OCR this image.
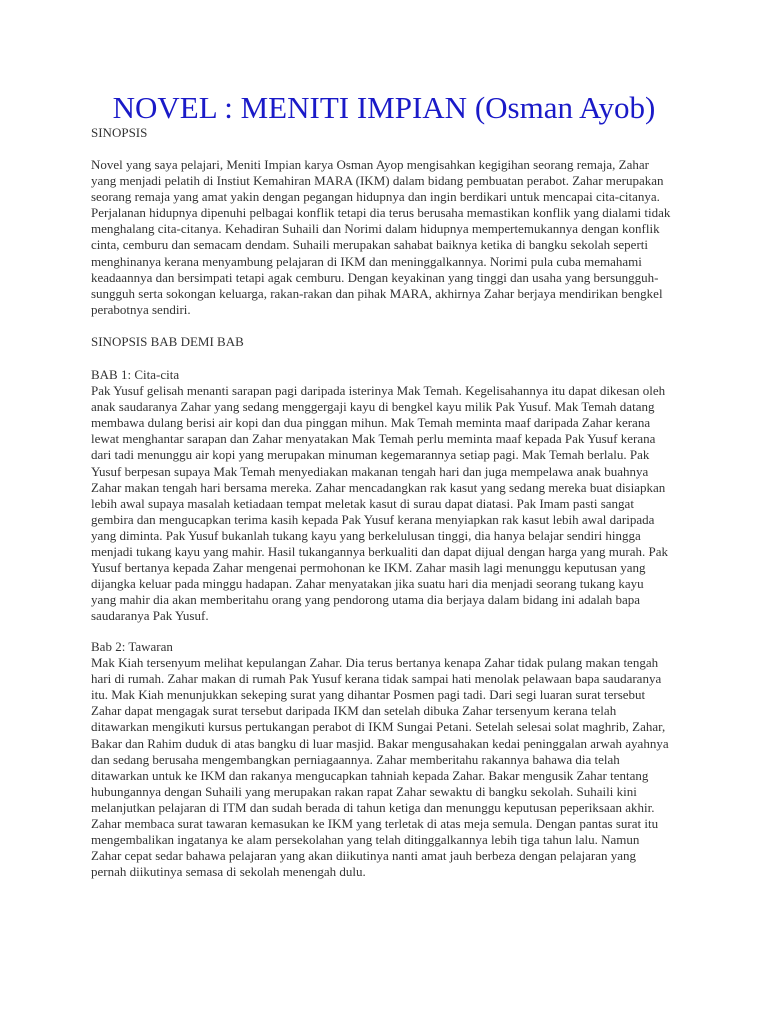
NOVEL : MENITI IMPIAN (Osman Ayob)
SINOPSIS
Novel yang saya pelajari, Meniti Impian karya Osman Ayop mengisahkan kegigihan seorang remaja, Zahar
yang menjadi pelatih di Instiut Kemahiran MARA (IKM) dalam bidang pembuatan perabot. Zahar merupakan
seorang remaja yang amat yakin dengan pegangan hidupnya dan ingin berdikari untuk mencapai cita-citanya.
Perjalanan hidupnya dipenuhi pelbagai konflik tetapi dia terus berusaha memastikan konflik yang dialami tidak
menghalang cita-citanya. Kehadiran Suhaili dan Norimi dalam hidupnya mempertemukannya dengan konflik
cinta, cemburu dan semacam dendam. Suhaili merupakan sahabat baiknya ketika di bangku sekolah seperti
menghinanya kerana menyambung pelajaran di IKM dan meninggalkannya. Norimi pula cuba memahami
keadaannya dan bersimpati tetapi agak cemburu. Dengan keyakinan yang tinggi dan usaha yang bersungguh-
sungguh serta sokongan keluarga, rakan-rakan dan pihak MARA, akhirnya Zahar berjaya mendirikan bengkel
perabotnya sendiri.
SINOPSIS BAB DEMI BAB
BAB 1: Cita-cita
Pak Yusuf gelisah menanti sarapan pagi daripada isterinya Mak Temah. Kegelisahannya itu dapat dikesan oleh
anak saudaranya Zahar yang sedang menggergaji kayu di bengkel kayu milik Pak Yusuf. Mak Temah datang
membawa dulang berisi air kopi dan dua pinggan mihun. Mak Temah meminta maaf daripada Zahar kerana
lewat menghantar sarapan dan Zahar menyatakan Mak Temah perlu meminta maaf kepada Pak Yusuf kerana
dari tadi menunggu air kopi yang merupakan minuman kegemarannya setiap pagi. Mak Temah berlalu. Pak
Yusuf berpesan supaya Mak Temah menyediakan makanan tengah hari dan juga mempelawa anak buahnya
Zahar makan tengah hari bersama mereka. Zahar mencadangkan rak kasut yang sedang mereka buat disiapkan
lebih awal supaya masalah ketiadaan tempat meletak kasut di surau dapat diatasi. Pak Imam pasti sangat
gembira dan mengucapkan terima kasih kepada Pak Yusuf kerana menyiapkan rak kasut lebih awal daripada
yang diminta. Pak Yusuf bukanlah tukang kayu yang berkelulusan tinggi, dia hanya belajar sendiri hingga
menjadi tukang kayu yang mahir. Hasil tukangannya berkualiti dan dapat dijual dengan harga yang murah. Pak
Yusuf bertanya kepada Zahar mengenai permohonan ke IKM. Zahar masih lagi menunggu keputusan yang
dijangka keluar pada minggu hadapan. Zahar menyatakan jika suatu hari dia menjadi seorang tukang kayu
yang mahir dia akan memberitahu orang yang pendorong utama dia berjaya dalam bidang ini adalah bapa
saudaranya Pak Yusuf.
Bab 2: Tawaran
Mak Kiah tersenyum melihat kepulangan Zahar. Dia terus bertanya kenapa Zahar tidak pulang makan tengah
hari di rumah. Zahar makan di rumah Pak Yusuf kerana tidak sampai hati menolak pelawaan bapa saudaranya
itu. Mak Kiah menunjukkan sekeping surat yang dihantar Posmen pagi tadi. Dari segi luaran surat tersebut
Zahar dapat mengagak surat tersebut daripada IKM dan setelah dibuka Zahar tersenyum kerana telah
ditawarkan mengikuti kursus pertukangan perabot di IKM Sungai Petani. Setelah selesai solat maghrib, Zahar,
Bakar dan Rahim duduk di atas bangku di luar masjid. Bakar mengusahakan kedai peninggalan arwah ayahnya
dan sedang berusaha mengembangkan perniagaannya. Zahar memberitahu rakannya bahawa dia telah
ditawarkan untuk ke IKM dan rakanya mengucapkan tahniah kepada Zahar. Bakar mengusik Zahar tentang
hubungannya dengan Suhaili yang merupakan rakan rapat Zahar sewaktu di bangku sekolah. Suhaili kini
melanjutkan pelajaran di ITM dan sudah berada di tahun ketiga dan menunggu keputusan peperiksaan akhir.
Zahar membaca surat tawaran kemasukan ke IKM yang terletak di atas meja semula. Dengan pantas surat itu
mengembalikan ingatanya ke alam persekolahan yang telah ditinggalkannya lebih tiga tahun lalu. Namun
Zahar cepat sedar bahawa pelajaran yang akan diikutinya nanti amat jauh berbeza dengan pelajaran yang
pernah diikutinya semasa di sekolah menengah dulu.
